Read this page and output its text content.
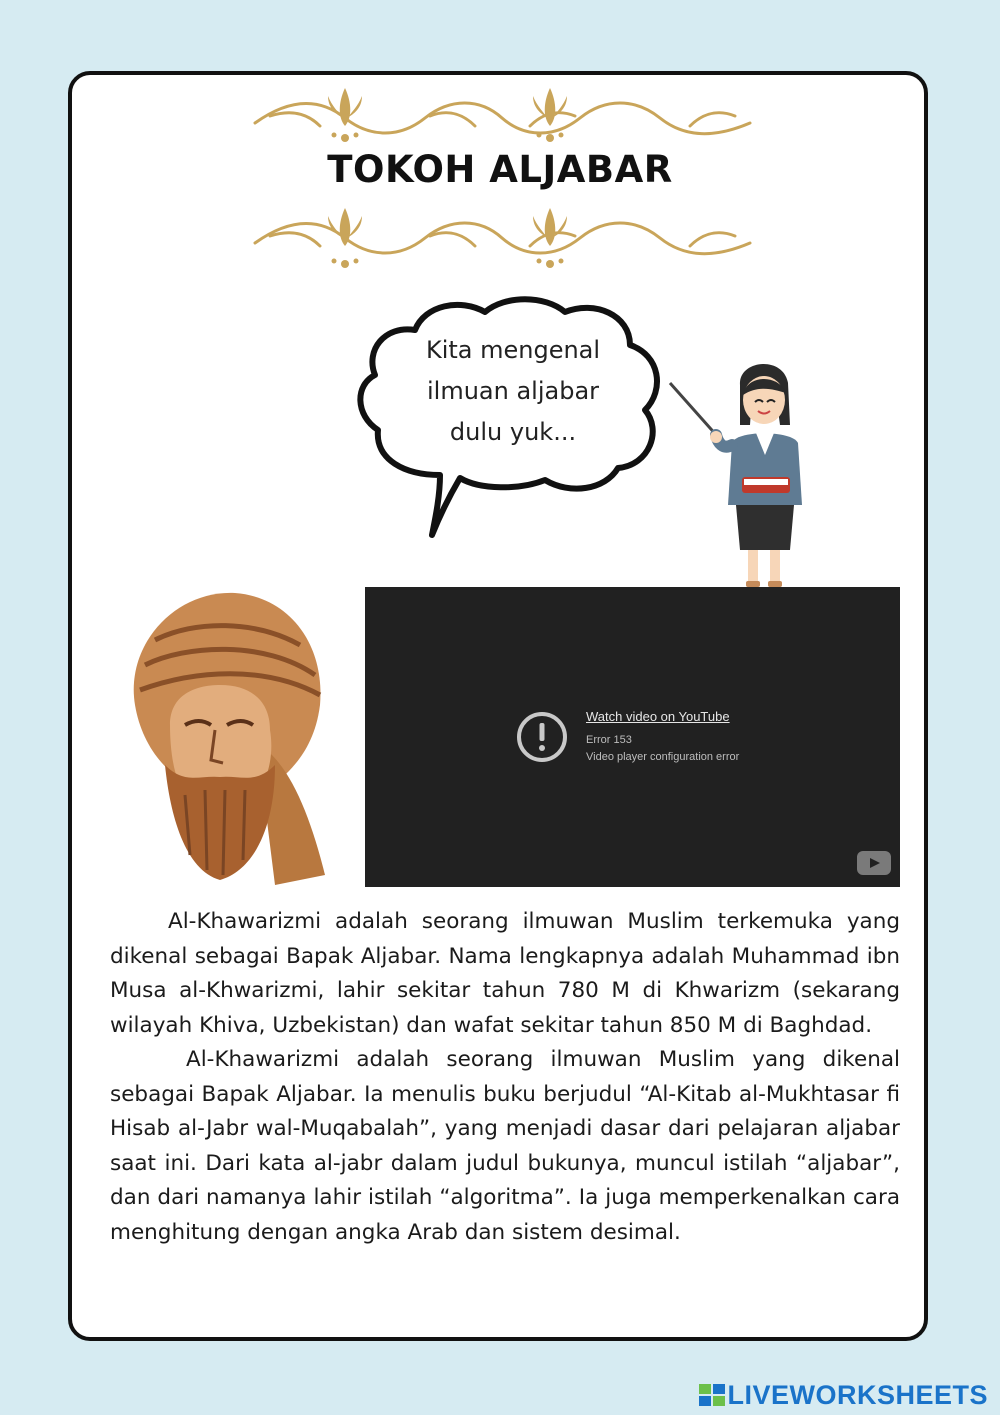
TOKOH ALJABAR
Kita mengenal
ilmuan aljabar
dulu yuk...
Watch video on YouTube
Error 153
Video player configuration error

Al-Khawarizmi adalah seorang ilmuwan Muslim terkemuka yang dikenal sebagai Bapak Aljabar. Nama lengkapnya adalah Muhammad ibn Musa al-Khwarizmi, lahir sekitar tahun 780 M di Khwarizm (sekarang wilayah Khiva, Uzbekistan) dan wafat sekitar tahun 850 M di Baghdad.

Al-Khawarizmi adalah seorang ilmuwan Muslim yang dikenal sebagai Bapak Aljabar. Ia menulis buku berjudul “Al-Kitab al-Mukhtasar fi Hisab al-Jabr wal-Muqabalah”, yang menjadi dasar dari pelajaran aljabar saat ini. Dari kata al-jabr dalam judul bukunya, muncul istilah “aljabar”, dan dari namanya lahir istilah “algoritma”. Ia juga memperkenalkan cara menghitung dengan angka Arab dan sistem desimal.

LIVEWORKSHEETS
